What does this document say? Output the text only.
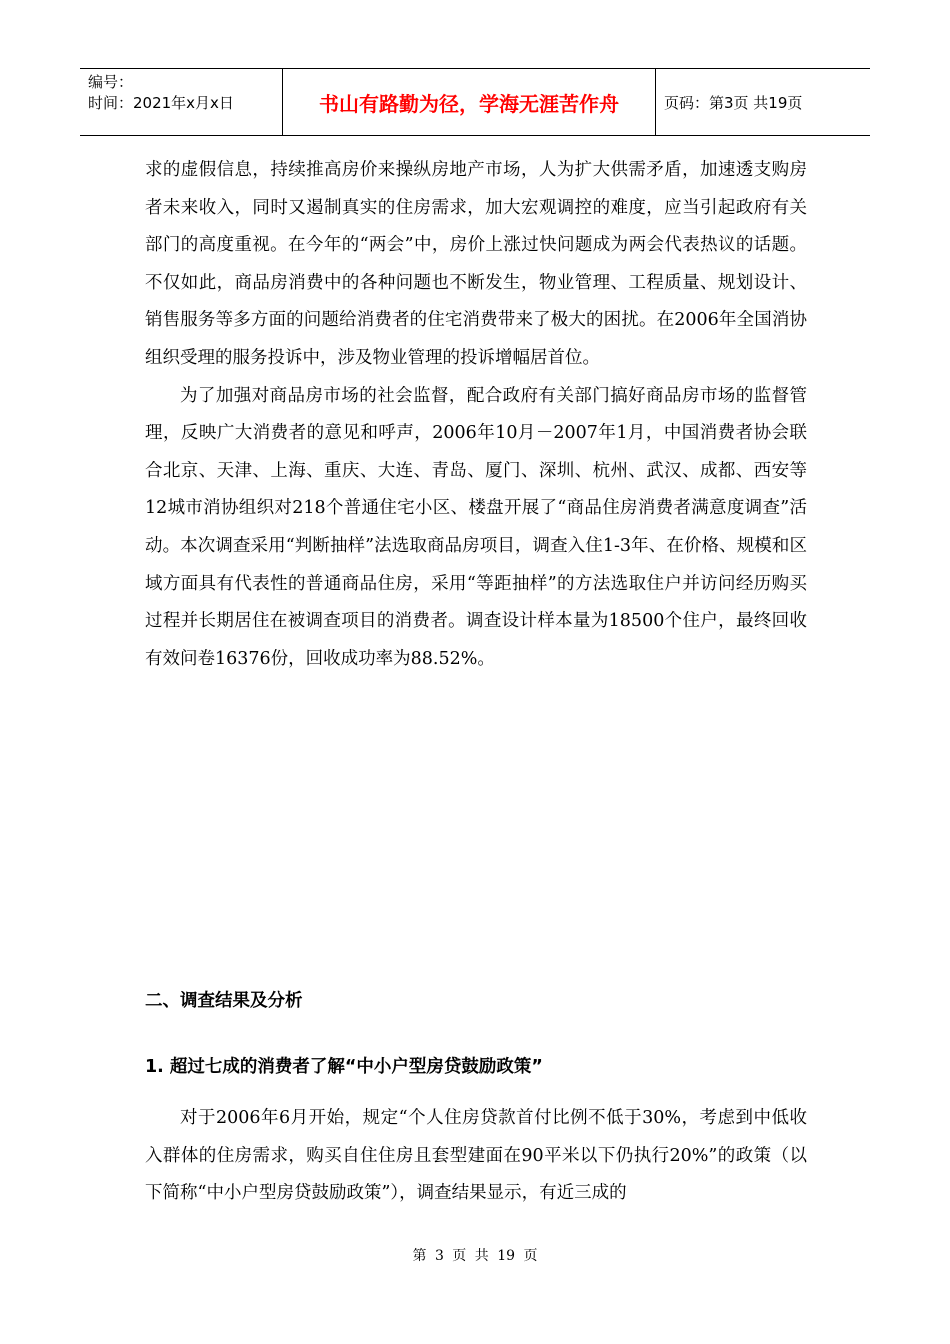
编号：
时间：2021年x月x日	书山有路勤为径，学海无涯苦作舟	页码：第3页 共19页

求的虚假信息，持续推高房价来操纵房地产市场，人为扩大供需矛盾，加速透支购房者未来收入，同时又遏制真实的住房需求，加大宏观调控的难度，应当引起政府有关部门的高度重视。在今年的“两会”中，房价上涨过快问题成为两会代表热议的话题。不仅如此，商品房消费中的各种问题也不断发生，物业管理、工程质量、规划设计、销售服务等多方面的问题给消费者的住宅消费带来了极大的困扰。在2006年全国消协组织受理的服务投诉中，涉及物业管理的投诉增幅居首位。

为了加强对商品房市场的社会监督，配合政府有关部门搞好商品房市场的监督管理，反映广大消费者的意见和呼声，2006年10月－2007年1月，中国消费者协会联合北京、天津、上海、重庆、大连、青岛、厦门、深圳、杭州、武汉、成都、西安等12城市消协组织对218个普通住宅小区、楼盘开展了“商品住房消费者满意度调查”活动。本次调查采用“判断抽样”法选取商品房项目，调查入住1-3年、在价格、规模和区域方面具有代表性的普通商品住房，采用“等距抽样”的方法选取住户并访问经历购买过程并长期居住在被调查项目的消费者。调查设计样本量为18500个住户，最终回收有效问卷16376份，回收成功率为88.52%。

二、调查结果及分析
1. 超过七成的消费者了解“中小户型房贷鼓励政策”

对于2006年6月开始，规定“个人住房贷款首付比例不低于30%，考虑到中低收入群体的住房需求，购买自住住房且套型建面在90平米以下仍执行20%”的政策（以下简称“中小户型房贷鼓励政策”），调查结果显示，有近三成的

第 3 页 共 19 页
